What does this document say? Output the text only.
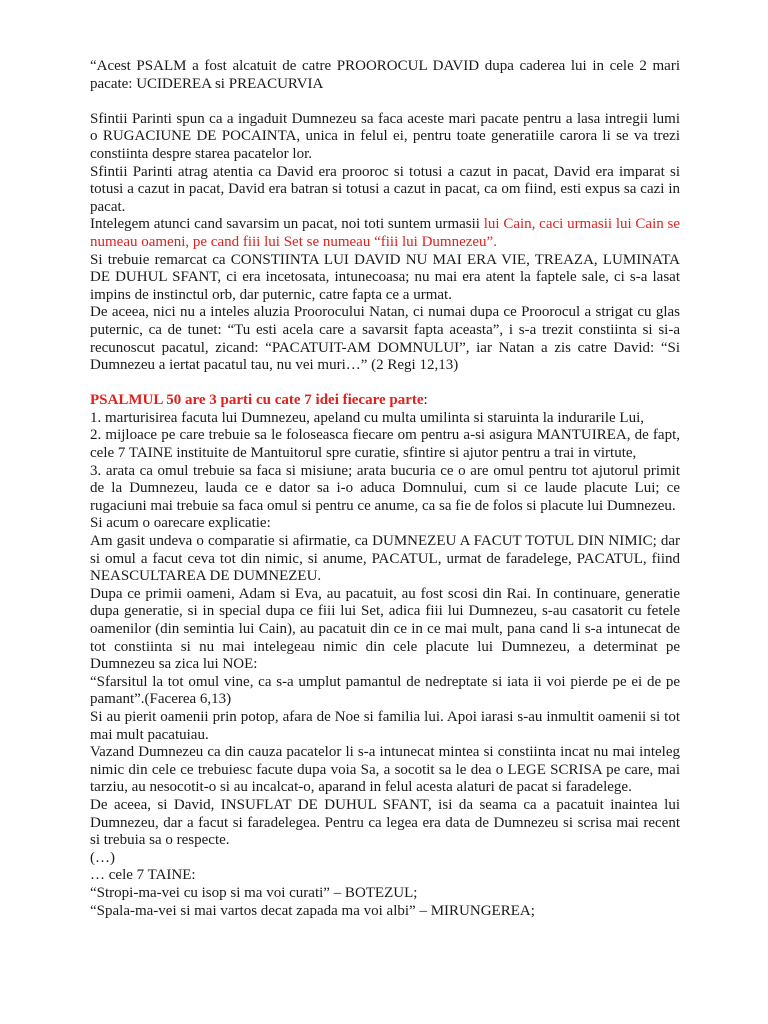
“Acest PSALM a fost alcatuit de catre PROOROCUL DAVID dupa caderea lui in cele 2 mari pacate: UCIDEREA si PREACURVIA

Sfintii Parinti spun ca a ingaduit Dumnezeu sa faca aceste mari pacate pentru a lasa intregii lumi o RUGACIUNE DE POCAINTA, unica in felul ei, pentru toate generatiile carora li se va trezi constiinta despre starea pacatelor lor.

Sfintii Parinti atrag atentia ca David era prooroc si totusi a cazut in pacat, David era imparat si totusi a cazut in pacat, David era batran si totusi a cazut in pacat, ca om fiind, esti expus sa cazi in pacat.

Intelegem atunci cand savarsim un pacat, noi toti suntem urmasii lui Cain, caci urmasii lui Cain se numeau oameni, pe cand fiii lui Set se numeau “fiii lui Dumnezeu”.

Si trebuie remarcat ca CONSTIINTA LUI DAVID NU MAI ERA VIE, TREAZA, LUMINATA DE DUHUL SFANT, ci era incetosata, intunecoasa; nu mai era atent la faptele sale, ci s-a lasat impins de instinctul orb, dar puternic, catre fapta ce a urmat.

De aceea, nici nu a inteles aluzia Proorocului Natan, ci numai dupa ce Proorocul a strigat cu glas puternic, ca de tunet: “Tu esti acela care a savarsit fapta aceasta”, i s-a trezit constiinta si si-a recunoscut pacatul, zicand: “PACATUIT-AM DOMNULUI”, iar Natan a zis catre David: “Si Dumnezeu a iertat pacatul tau, nu vei muri…” (2 Regi 12,13)

PSALMUL 50 are 3 parti cu cate 7 idei fiecare parte:

1. marturisirea facuta lui Dumnezeu, apeland cu multa umilinta si staruinta la indurarile Lui,

2. mijloace pe care trebuie sa le foloseasca fiecare om pentru a-si asigura MANTUIREA, de fapt, cele 7 TAINE instituite de Mantuitorul spre curatie, sfintire si ajutor pentru a trai in virtute,

3. arata ca omul trebuie sa faca si misiune; arata bucuria ce o are omul pentru tot ajutorul primit de la Dumnezeu, lauda ce e dator sa i-o aduca Domnului, cum si ce laude placute Lui; ce rugaciuni mai trebuie sa faca omul si pentru ce anume, ca sa fie de folos si placute lui Dumnezeu.

Si acum o oarecare explicatie:

Am gasit undeva o comparatie si afirmatie, ca DUMNEZEU A FACUT TOTUL DIN NIMIC; dar si omul a facut ceva tot din nimic, si anume, PACATUL, urmat de faradelege, PACATUL, fiind NEASCULTAREA DE DUMNEZEU.

Dupa ce primii oameni, Adam si Eva, au pacatuit, au fost scosi din Rai. In continuare, generatie dupa generatie, si in special dupa ce fiii lui Set, adica fiii lui Dumnezeu, s-au casatorit cu fetele oamenilor (din semintia lui Cain), au pacatuit din ce in ce mai mult, pana cand li s-a intunecat de tot constiinta si nu mai intelegeau nimic din cele placute lui Dumnezeu, a determinat pe Dumnezeu sa zica lui NOE:

“Sfarsitul la tot omul vine, ca s-a umplut pamantul de nedreptate si iata ii voi pierde pe ei de pe pamant”.(Facerea 6,13)

Si au pierit oamenii prin potop, afara de Noe si familia lui. Apoi iarasi s-au inmultit oamenii si tot mai mult pacatuiau.

Vazand Dumnezeu ca din cauza pacatelor li s-a intunecat mintea si constiinta incat nu mai inteleg nimic din cele ce trebuiesc facute dupa voia Sa, a socotit sa le dea o LEGE SCRISA pe care, mai tarziu, au nesocotit-o si au incalcat-o, aparand in felul acesta alaturi de pacat si faradelege.

De aceea, si David, INSUFLAT DE DUHUL SFANT, isi da seama ca a pacatuit inaintea lui Dumnezeu, dar a facut si faradelegea. Pentru ca legea era data de Dumnezeu si scrisa mai recent si trebuia sa o respecte.

(…)

… cele 7 TAINE:

“Stropi-ma-vei cu isop si ma voi curati” – BOTEZUL;

“Spala-ma-vei si mai vartos decat zapada ma voi albi” – MIRUNGEREA;
